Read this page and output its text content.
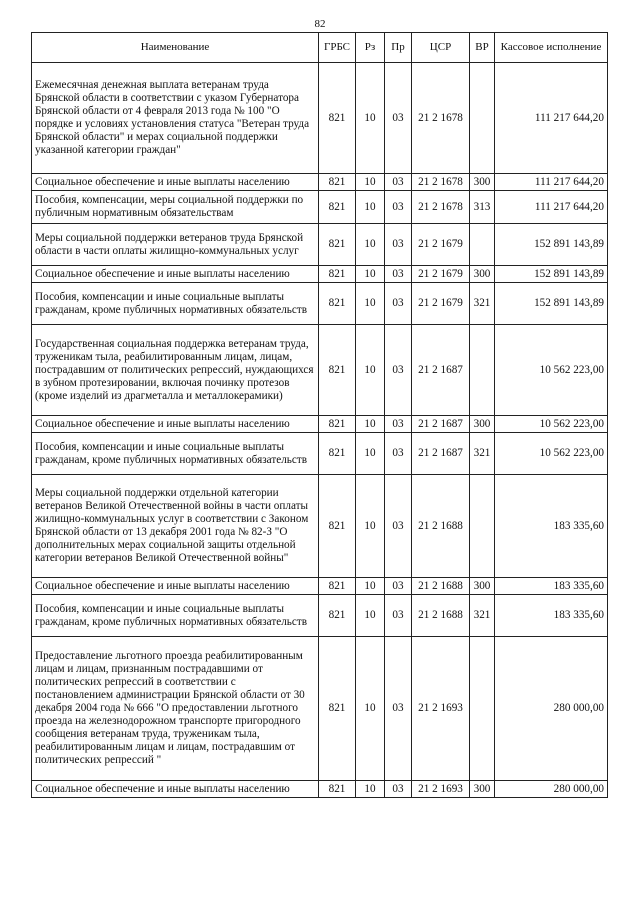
82
Наименование	ГРБС	Рз	Пр	ЦСР	ВР	Кассовое исполнение
Ежемесячная денежная выплата ветеранам труда Брянской области в соответствии с указом Губернатора Брянской области от 4 февраля 2013 года № 100 "О порядке и условиях установления статуса "Ветеран труда Брянской области" и мерах социальной поддержки указанной категории граждан"	821	10	03	21 2 1678		111 217 644,20
Социальное обеспечение и иные выплаты населению	821	10	03	21 2 1678	300	111 217 644,20
Пособия, компенсации, меры социальной поддержки по публичным нормативным обязательствам	821	10	03	21 2 1678	313	111 217 644,20
Меры социальной поддержки ветеранов труда Брянской области в части оплаты жилищно-коммунальных услуг	821	10	03	21 2 1679		152 891 143,89
Социальное обеспечение и иные выплаты населению	821	10	03	21 2 1679	300	152 891 143,89
Пособия, компенсации и иные социальные выплаты гражданам, кроме публичных нормативных обязательств	821	10	03	21 2 1679	321	152 891 143,89
Государственная социальная поддержка ветеранам труда, труженикам тыла, реабилитированным лицам, лицам, пострадавшим от политических репрессий, нуждающихся в зубном протезировании, включая починку протезов (кроме изделий из драгметалла и металлокерамики)	821	10	03	21 2 1687		10 562 223,00
Социальное обеспечение и иные выплаты населению	821	10	03	21 2 1687	300	10 562 223,00
Пособия, компенсации и иные социальные выплаты гражданам, кроме публичных нормативных обязательств	821	10	03	21 2 1687	321	10 562 223,00
Меры социальной поддержки отдельной категории ветеранов Великой Отечественной войны в части оплаты жилищно-коммунальных услуг в соответствии с Законом Брянской области от 13 декабря 2001 года № 82-З "О дополнительных мерах социальной защиты отдельной категории ветеранов Великой Отечественной войны"	821	10	03	21 2 1688		183 335,60
Социальное обеспечение и иные выплаты населению	821	10	03	21 2 1688	300	183 335,60
Пособия, компенсации и иные социальные выплаты гражданам, кроме публичных нормативных обязательств	821	10	03	21 2 1688	321	183 335,60
Предоставление льготного проезда реабилитированным лицам и лицам, признанным пострадавшими от политических репрессий в соответствии с постановлением администрации Брянской области от 30 декабря 2004 года № 666 "О предоставлении льготного проезда на железнодорожном транспорте пригородного сообщения ветеранам труда, труженикам тыла, реабилитированным лицам и лицам, пострадавшим от политических репрессий "	821	10	03	21 2 1693		280 000,00
Социальное обеспечение и иные выплаты населению	821	10	03	21 2 1693	300	280 000,00
